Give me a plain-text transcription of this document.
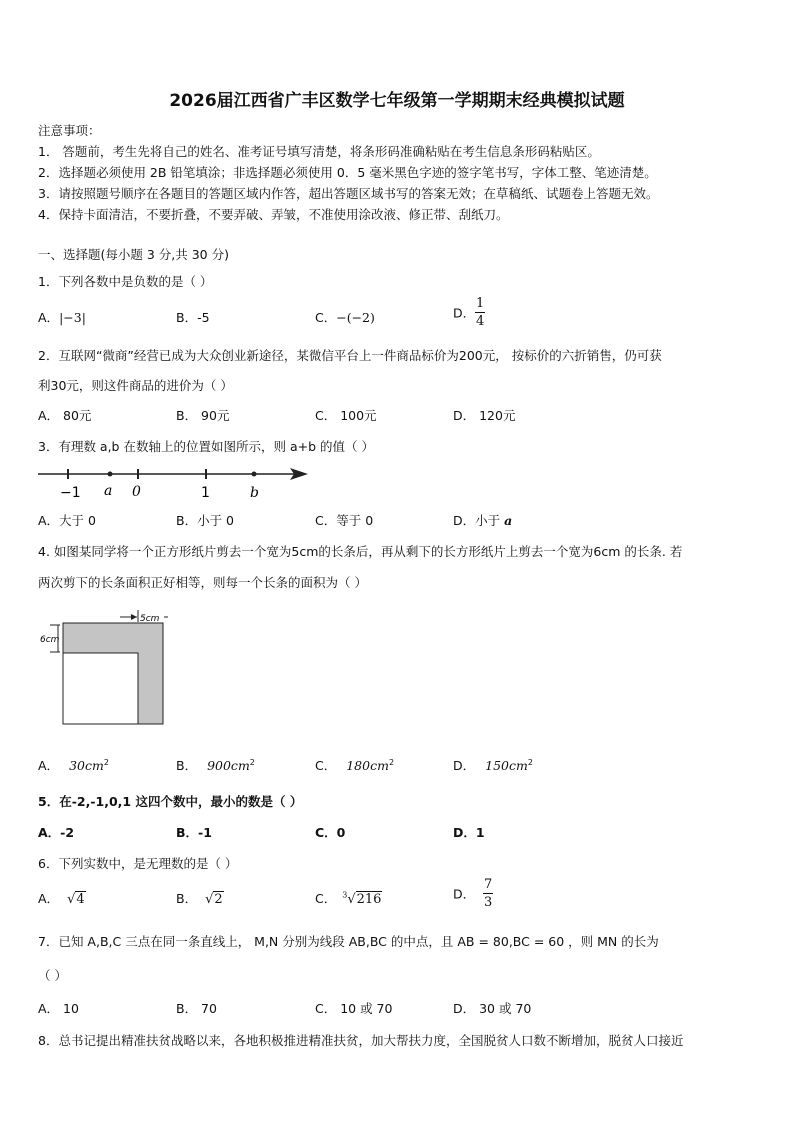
2026届江西省广丰区数学七年级第一学期期末经典模拟试题
注意事项：
1． 答题前，考生先将自己的姓名、准考证号填写清楚，将条形码准确粘贴在考生信息条形码粘贴区。
2．选择题必须使用 2B 铅笔填涂；非选择题必须使用 0．5 毫米黑色字迹的签字笔书写，字体工整、笔迹清楚。
3．请按照题号顺序在各题目的答题区域内作答，超出答题区域书写的答案无效；在草稿纸、试题卷上答题无效。
4．保持卡面清洁，不要折叠，不要弄破、弄皱，不准使用涂改液、修正带、刮纸刀。
一、选择题(每小题 3 分,共 30 分)
1．下列各数中是负数的是（ ）
A．|−3|	B．-5	C．−(−2)	D． $\frac{1}{4}$
2．互联网“微商”经营已成为大众创业新途径，某微信平台上一件商品标价为200元， 按标价的六折销售，仍可获
利30元，则这件商品的进价为（ ）
A． 80元	B． 90元	C． 100元	D． 120元
3．有理数 a,b 在数轴上的位置如图所示，则 a+b 的值（ ）
−1 a 0	1	b
A．大于 0	B．小于 0	C．等于 0	D．小于 a
4. 如图某同学将一个正方形纸片剪去一个宽为5cm的长条后，再从剩下的长方形纸片上剪去一个宽为6cm 的长条. 若
两次剪下的长条面积正好相等，则每一个长条的面积为（ ）
5cm
6cm
A． $30cm^2$	B． $900cm^2$	C． $180cm^2$	D． $150cm^2$
5．在-2,-1,0,1 这四个数中，最小的数是（ ）
A．-2	B．-1	C．0	D．1
6．下列实数中，是无理数的是（ ）
A． √4	B． √2	C． $^3$√216	D． $\frac{7}{3}$
7．已知 A,B,C 三点在同一条直线上， M,N 分别为线段 AB,BC 的中点，且 AB = 80,BC = 60 ，则 MN 的长为
（ ）
A． 10	B． 70	C． 10 或 70	D． 30 或 70
8．总书记提出精准扶贫战略以来，各地积极推进精准扶贫，加大帮扶力度，全国脱贫人口数不断增加，脱贫人口接近
